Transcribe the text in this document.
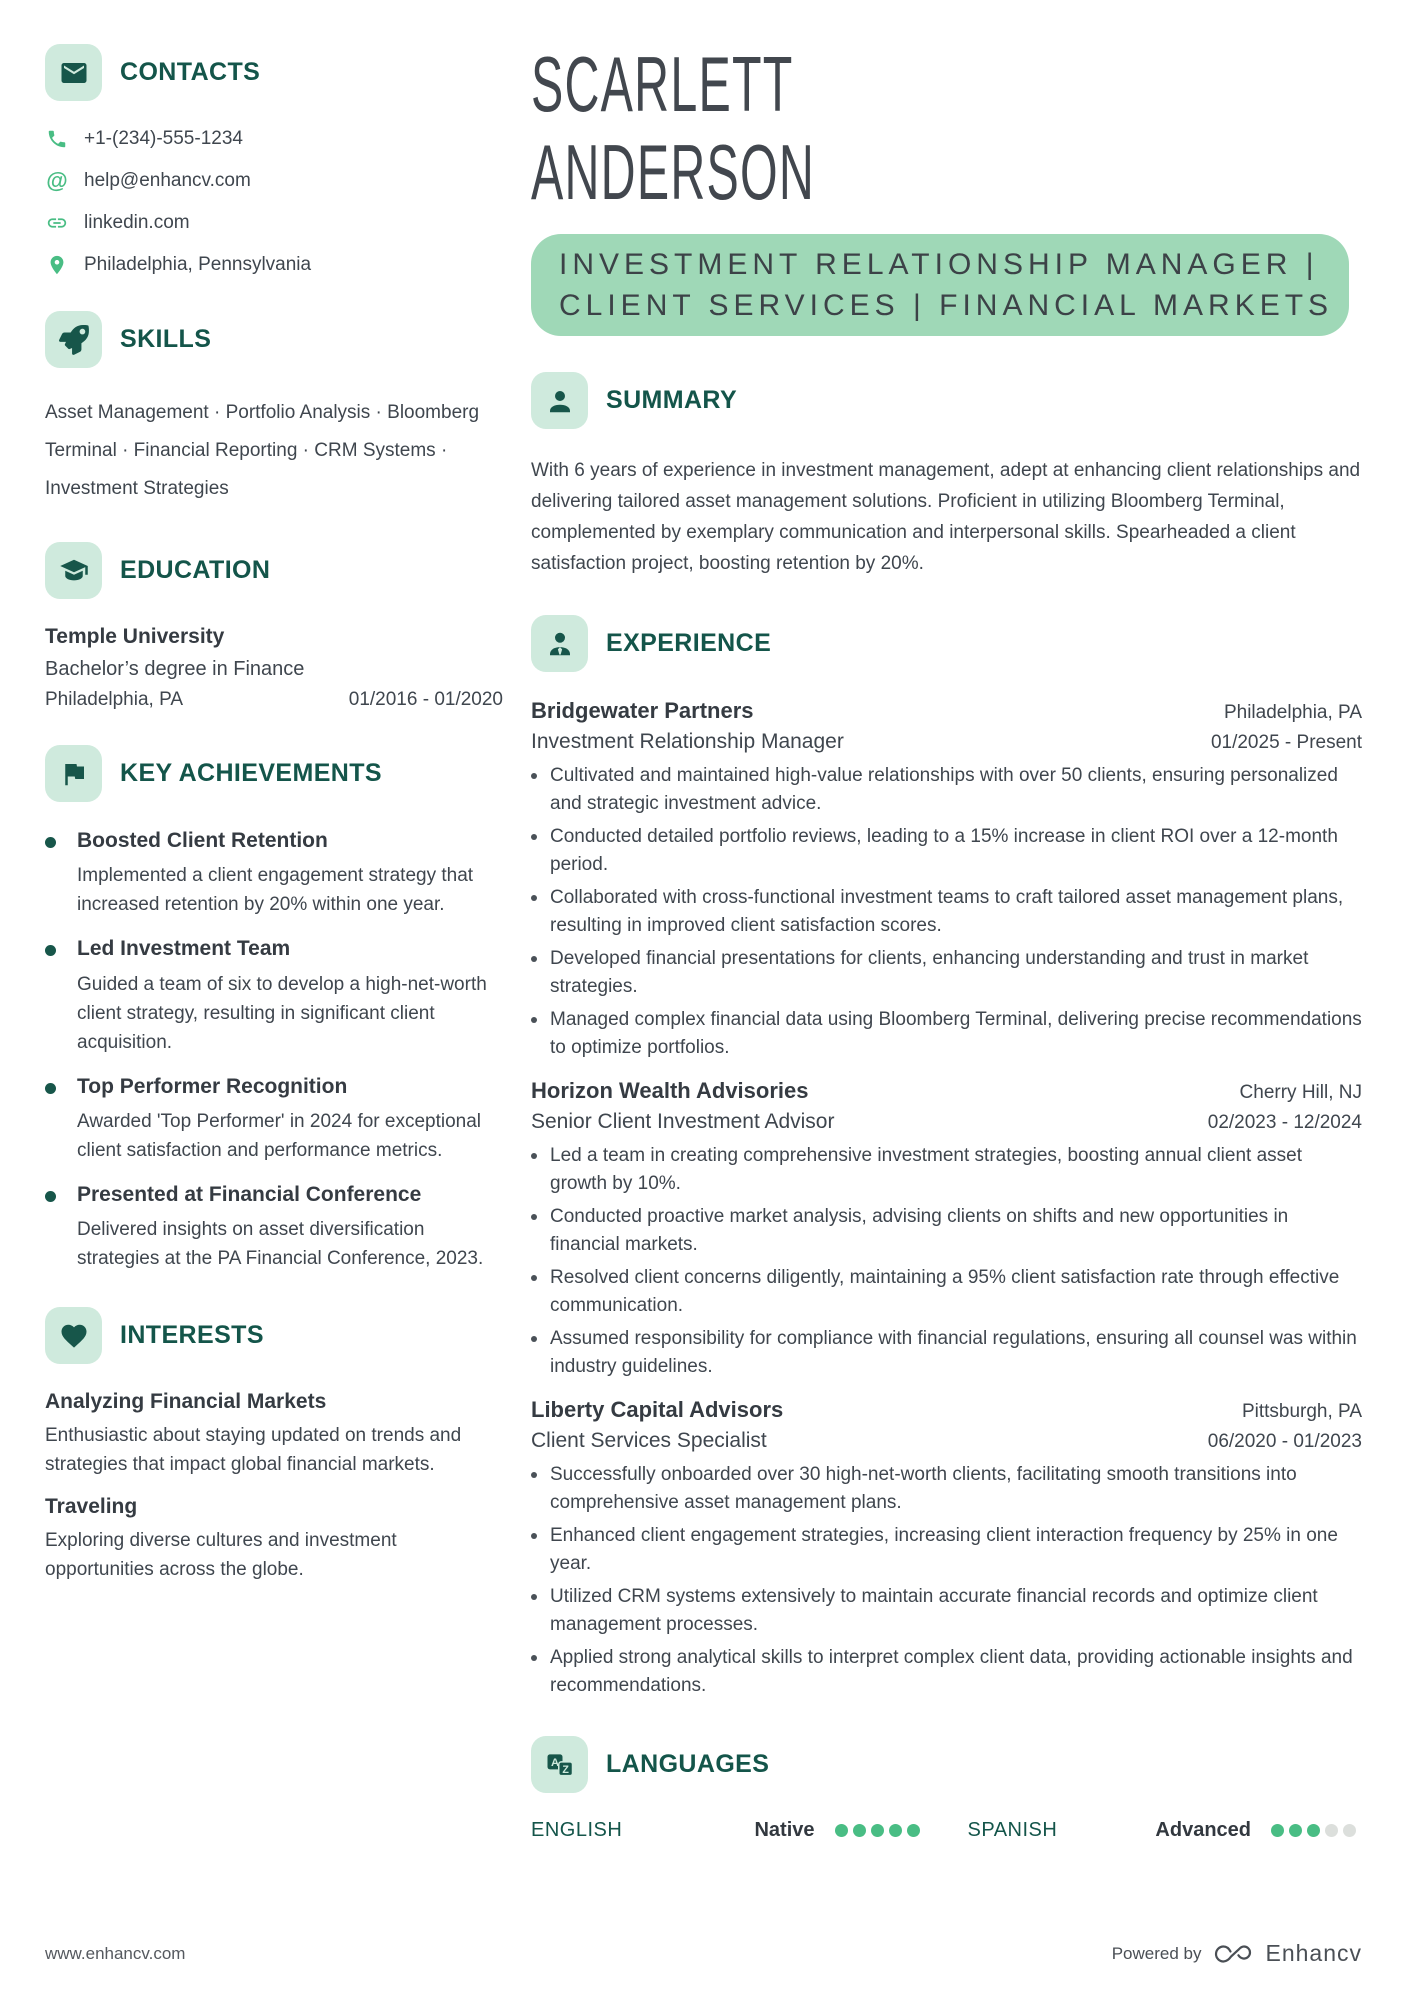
CONTACTS
+1-(234)-555-1234
@ help@enhancv.com
linkedin.com
Philadelphia, Pennsylvania
SKILLS

Asset Management · Portfolio Analysis · Bloomberg Terminal · Financial Reporting · CRM Systems · Investment Strategies

EDUCATION
Temple University
Bachelor’s degree in Finance
Philadelphia, PA	01/2016 - 01/2020
KEY ACHIEVEMENTS
Boosted Client Retention
Implemented a client engagement strategy that increased retention by 20% within one year.
Led Investment Team
Guided a team of six to develop a high-net-worth client strategy, resulting in significant client acquisition.
Top Performer Recognition
Awarded 'Top Performer' in 2024 for exceptional client satisfaction and performance metrics.
Presented at Financial Conference
Delivered insights on asset diversification strategies at the PA Financial Conference, 2023.
INTERESTS
Analyzing Financial Markets
Enthusiastic about staying updated on trends and strategies that impact global financial markets.
Traveling
Exploring diverse cultures and investment opportunities across the globe.
SCARLETT
ANDERSON
INVESTMENT RELATIONSHIP MANAGER |
CLIENT SERVICES | FINANCIAL MARKETS
SUMMARY

With 6 years of experience in investment management, adept at enhancing client relationships and delivering tailored asset management solutions. Proficient in utilizing Bloomberg Terminal, complemented by exemplary communication and interpersonal skills. Spearheaded a client satisfaction project, boosting retention by 20%.

EXPERIENCE
Bridgewater Partners	Philadelphia, PA
Investment Relationship Manager	01/2025 - Present
Cultivated and maintained high-value relationships with over 50 clients, ensuring personalized and strategic investment advice.
Conducted detailed portfolio reviews, leading to a 15% increase in client ROI over a 12-month period.
Collaborated with cross-functional investment teams to craft tailored asset management plans, resulting in improved client satisfaction scores.
Developed financial presentations for clients, enhancing understanding and trust in market strategies.
Managed complex financial data using Bloomberg Terminal, delivering precise recommendations to optimize portfolios.
Horizon Wealth Advisories	Cherry Hill, NJ
Senior Client Investment Advisor	02/2023 - 12/2024
Led a team in creating comprehensive investment strategies, boosting annual client asset growth by 10%.
Conducted proactive market analysis, advising clients on shifts and new opportunities in financial markets.
Resolved client concerns diligently, maintaining a 95% client satisfaction rate through effective communication.
Assumed responsibility for compliance with financial regulations, ensuring all counsel was within industry guidelines.
Liberty Capital Advisors	Pittsburgh, PA
Client Services Specialist	06/2020 - 01/2023
Successfully onboarded over 30 high-net-worth clients, facilitating smooth transitions into comprehensive asset management plans.
Enhanced client engagement strategies, increasing client interaction frequency by 25% in one year.
Utilized CRM systems extensively to maintain accurate financial records and optimize client management processes.
Applied strong analytical skills to interpret complex client data, providing actionable insights and recommendations.
A
Z LANGUAGES
ENGLISH	Native	SPANISH	Advanced
www.enhancv.com	Powered by	Enhancv
